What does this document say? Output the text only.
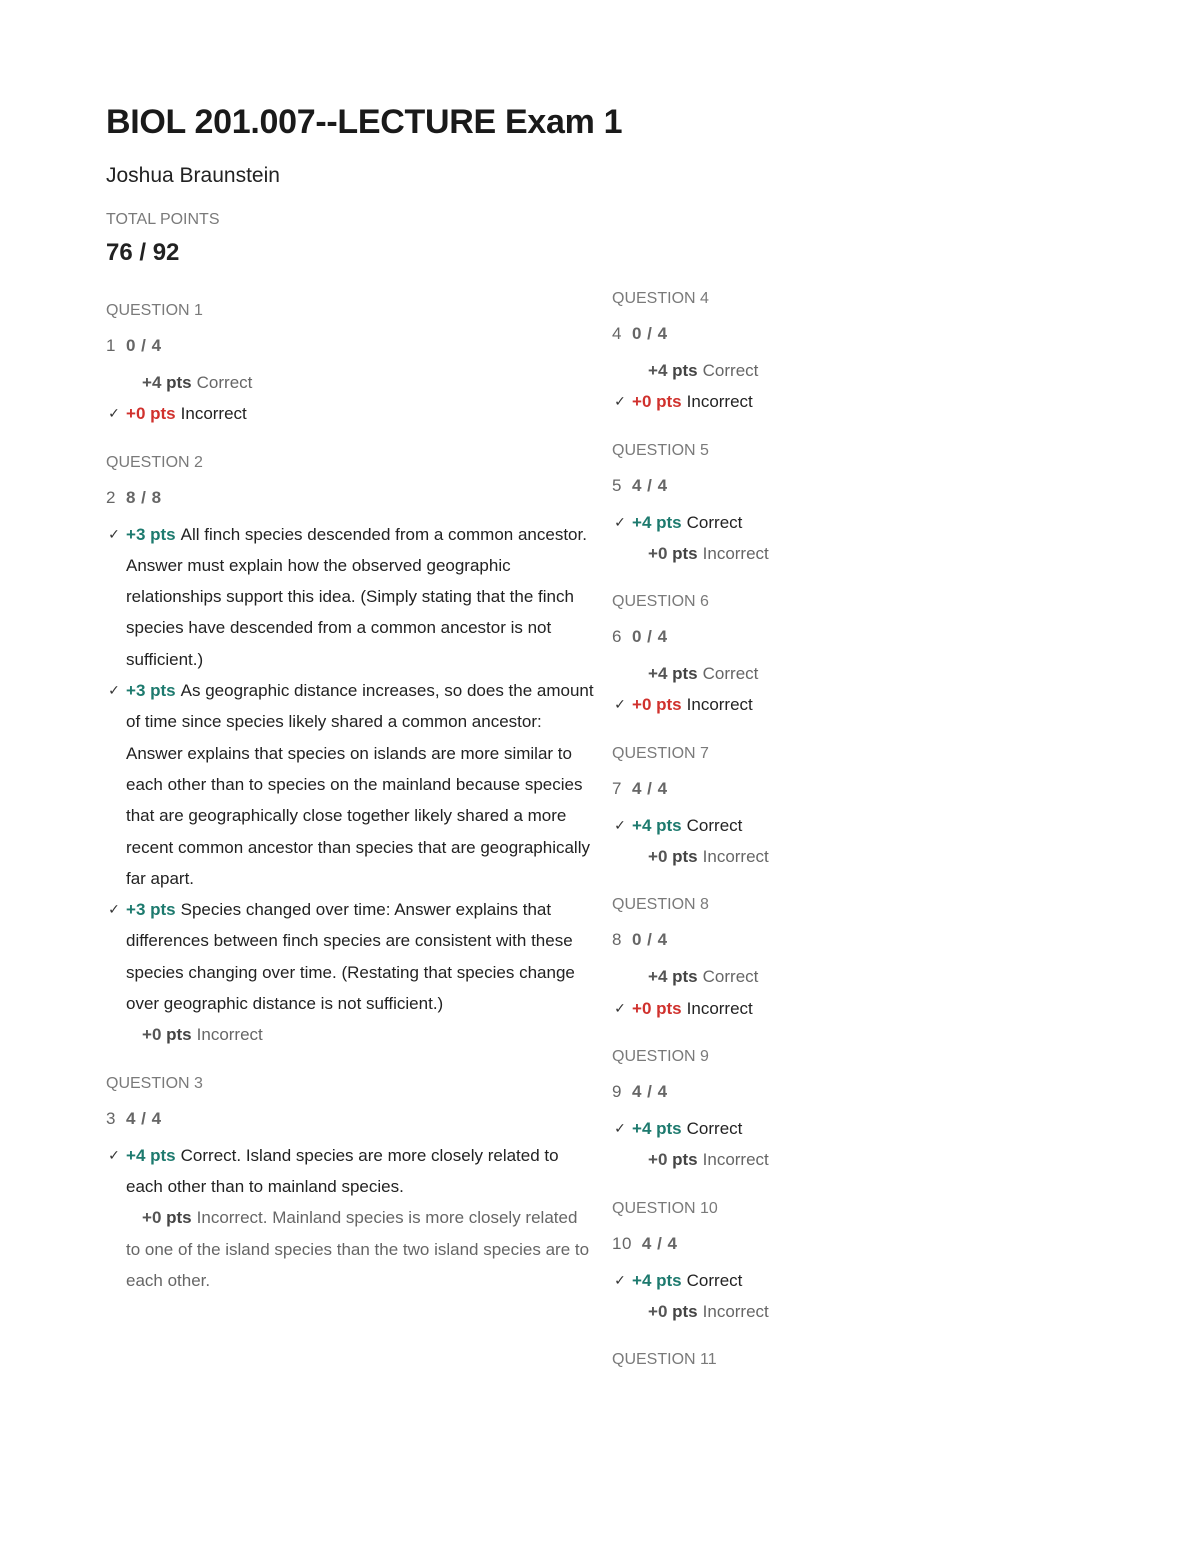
BIOL 201.007--LECTURE Exam 1
Joshua Braunstein
TOTAL POINTS
76 / 92
QUESTION 1
1 0 / 4
+4 pts Correct
✓ +0 pts Incorrect
QUESTION 2
2 8 / 8
✓ +3 pts All finch species descended from a common ancestor. Answer must explain how the observed geographic relationships support this idea. (Simply stating that the finch species have descended from a common ancestor is not sufficient.)
✓ +3 pts As geographic distance increases, so does the amount of time since species likely shared a common ancestor: Answer explains that species on islands are more similar to each other than to species on the mainland because species that are geographically close together likely shared a more recent common ancestor than species that are geographically far apart.
✓ +3 pts Species changed over time: Answer explains that differences between finch species are consistent with these species changing over time. (Restating that species change over geographic distance is not sufficient.)
+0 pts Incorrect
QUESTION 3
3 4 / 4
✓ +4 pts Correct. Island species are more closely related to each other than to mainland species.
+0 pts Incorrect. Mainland species is more closely related to one of the island species than the two island species are to each other.
QUESTION 4
4 0 / 4
+4 pts Correct
✓ +0 pts Incorrect
QUESTION 5
5 4 / 4
✓ +4 pts Correct
+0 pts Incorrect
QUESTION 6
6 0 / 4
+4 pts Correct
✓ +0 pts Incorrect
QUESTION 7
7 4 / 4
✓ +4 pts Correct
+0 pts Incorrect
QUESTION 8
8 0 / 4
+4 pts Correct
✓ +0 pts Incorrect
QUESTION 9
9 4 / 4
✓ +4 pts Correct
+0 pts Incorrect
QUESTION 10
10 4 / 4
✓ +4 pts Correct
+0 pts Incorrect
QUESTION 11
